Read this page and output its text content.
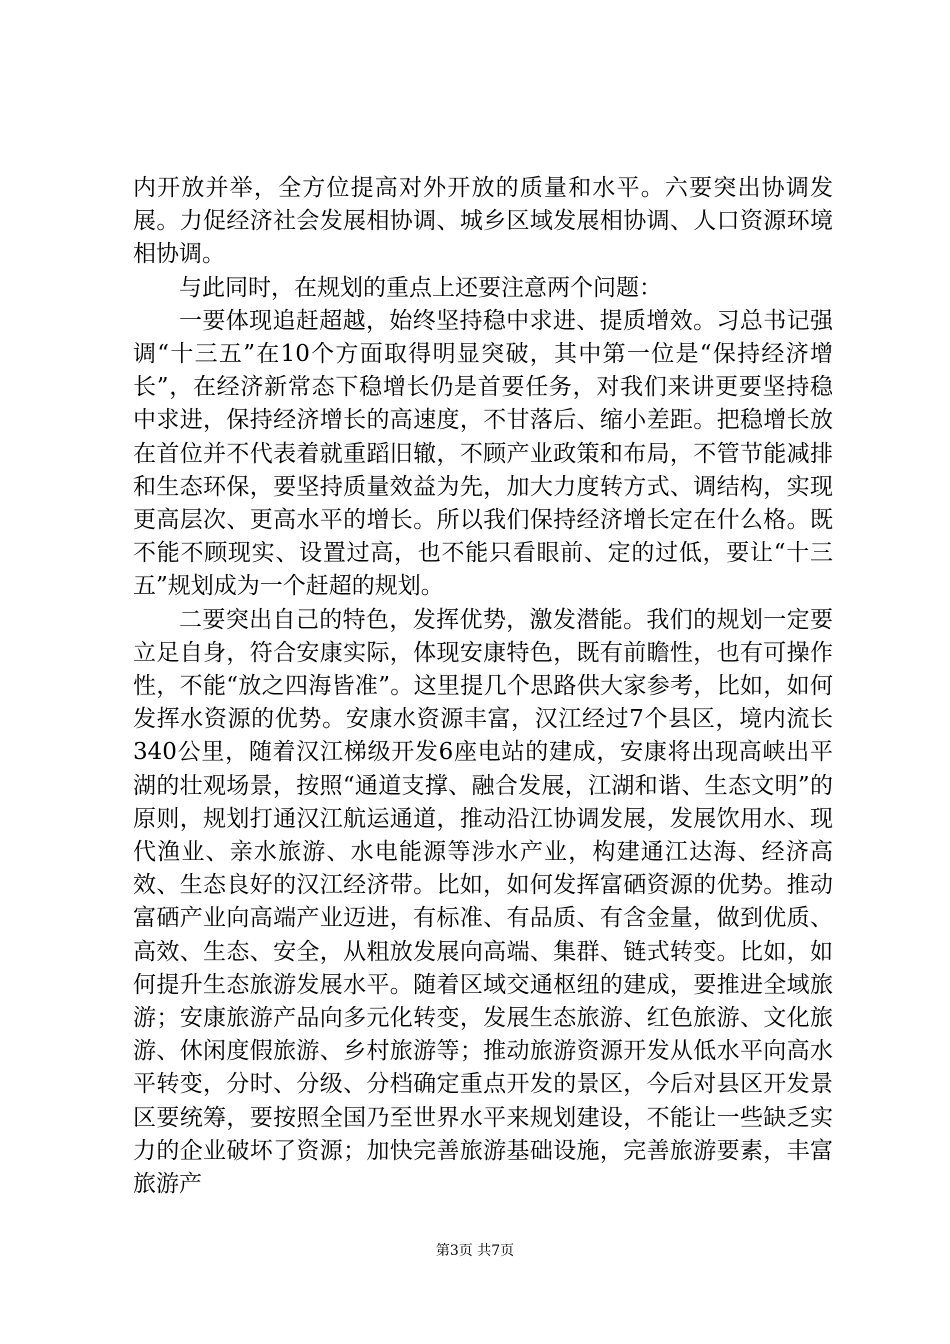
内开放并举，全方位提高对外开放的质量和水平。六要突出协调发展。力促经济社会发展相协调、城乡区域发展相协调、人口资源环境相协调。

与此同时，在规划的重点上还要注意两个问题：

一要体现追赶超越，始终坚持稳中求进、提质增效。习总书记强调“十三五”在10个方面取得明显突破，其中第一位是“保持经济增长”，在经济新常态下稳增长仍是首要任务，对我们来讲更要坚持稳中求进，保持经济增长的高速度，不甘落后、缩小差距。把稳增长放在首位并不代表着就重蹈旧辙，不顾产业政策和布局，不管节能减排和生态环保，要坚持质量效益为先，加大力度转方式、调结构，实现更高层次、更高水平的增长。所以我们保持经济增长定在什么格。既不能不顾现实、设置过高，也不能只看眼前、定的过低，要让“十三五”规划成为一个赶超的规划。

二要突出自己的特色，发挥优势，激发潜能。我们的规划一定要立足自身，符合安康实际，体现安康特色，既有前瞻性，也有可操作性，不能“放之四海皆准”。这里提几个思路供大家参考，比如，如何发挥水资源的优势。安康水资源丰富，汉江经过7个县区，境内流长340公里，随着汉江梯级开发6座电站的建成，安康将出现高峡出平湖的壮观场景，按照“通道支撑、融合发展，江湖和谐、生态文明”的原则，规划打通汉江航运通道，推动沿江协调发展，发展饮用水、现代渔业、亲水旅游、水电能源等涉水产业，构建通江达海、经济高效、生态良好的汉江经济带。比如，如何发挥富硒资源的优势。推动富硒产业向高端产业迈进，有标准、有品质、有含金量，做到优质、高效、生态、安全，从粗放发展向高端、集群、链式转变。比如，如何提升生态旅游发展水平。随着区域交通枢纽的建成，要推进全域旅游；安康旅游产品向多元化转变，发展生态旅游、红色旅游、文化旅游、休闲度假旅游、乡村旅游等；推动旅游资源开发从低水平向高水平转变，分时、分级、分档确定重点开发的景区，今后对县区开发景区要统筹，要按照全国乃至世界水平来规划建设，不能让一些缺乏实力的企业破坏了资源；加快完善旅游基础设施，完善旅游要素，丰富旅游产

第3页 共7页
